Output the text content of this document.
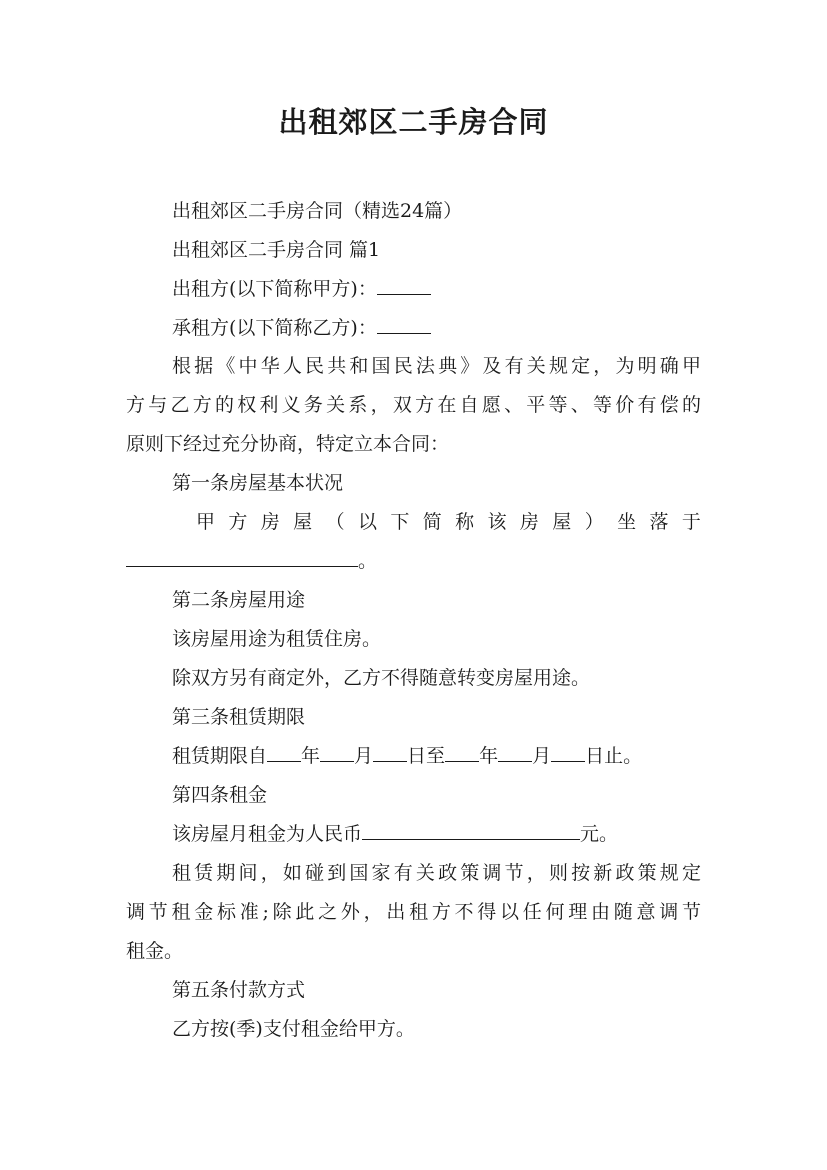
出租郊区二手房合同
出租郊区二手房合同（精选24篇）
出租郊区二手房合同 篇1
出租方(以下简称甲方)：
承租方(以下简称乙方)：
根据《中华人民共和国民法典》及有关规定，为明确甲
方与乙方的权利义务关系，双方在自愿、平等、等价有偿的
原则下经过充分协商，特定立本合同：
第一条房屋基本状况
甲 方 房 屋 （ 以 下 简 称 该 房 屋 ） 坐 落 于
。
第二条房屋用途
该房屋用途为租赁住房。
除双方另有商定外，乙方不得随意转变房屋用途。
第三条租赁期限
租赁期限自 年 月 日至 年 月 日止。
第四条租金
该房屋月租金为人民币	元。
租赁期间，如碰到国家有关政策调节，则按新政策规定
调节租金标准;除此之外，出租方不得以任何理由随意调节
租金。
第五条付款方式
乙方按(季)支付租金给甲方。
